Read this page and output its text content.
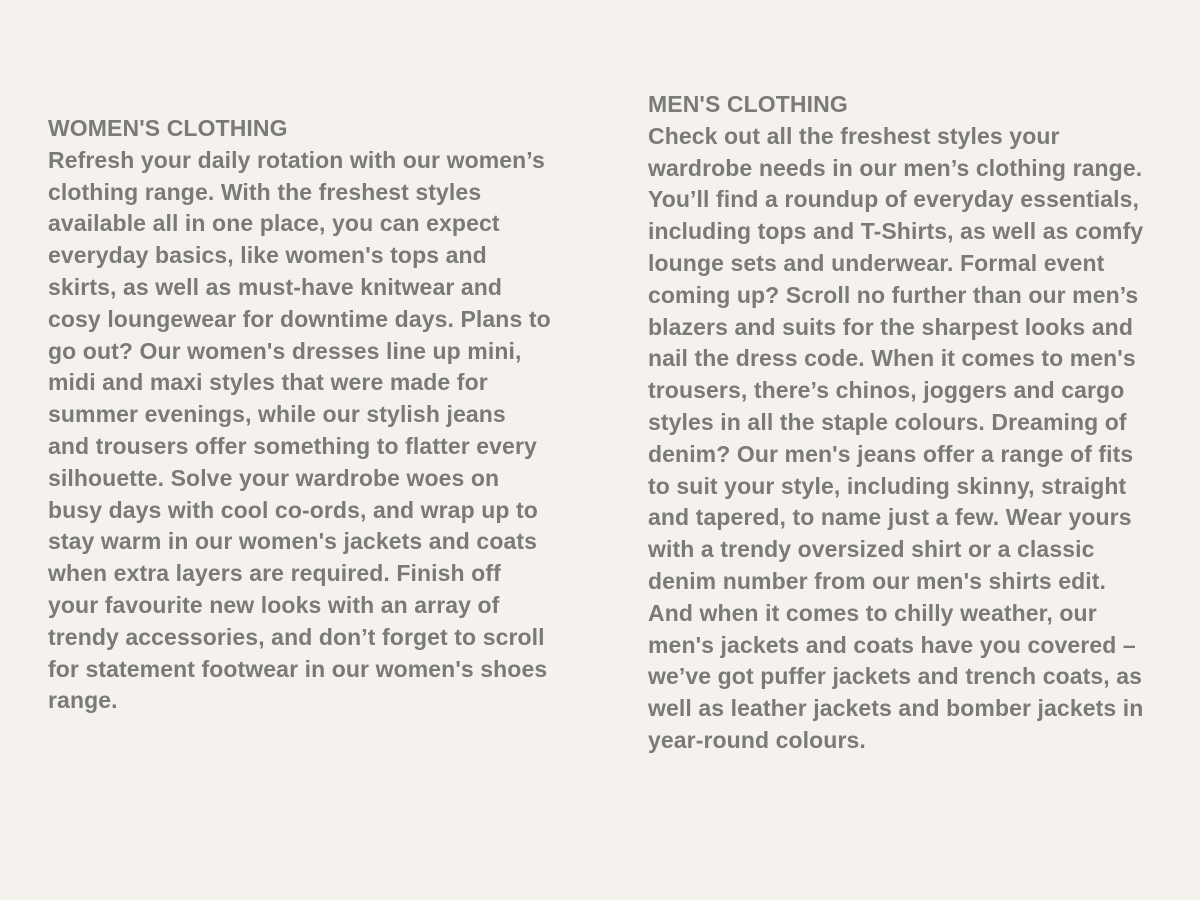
WOMEN'S CLOTHING

Refresh your daily rotation with our women’s clothing range. With the freshest styles available all in one place, you can expect everyday basics, like women's tops and skirts, as well as must-have knitwear and cosy loungewear for downtime days. Plans to go out? Our women's dresses line up mini, midi and maxi styles that were made for summer evenings, while our stylish jeans and trousers offer something to flatter every silhouette. Solve your wardrobe woes on busy days with cool co-ords, and wrap up to stay warm in our women's jackets and coats when extra layers are required. Finish off your favourite new looks with an array of trendy accessories, and don’t forget to scroll for statement footwear in our women's shoes range.

MEN'S CLOTHING

Check out all the freshest styles your wardrobe needs in our men’s clothing range. You’ll find a roundup of everyday essentials, including tops and T-Shirts, as well as comfy lounge sets and underwear. Formal event coming up? Scroll no further than our men’s blazers and suits for the sharpest looks and nail the dress code. When it comes to men's trousers, there’s chinos, joggers and cargo styles in all the staple colours. Dreaming of denim? Our men's jeans offer a range of fits to suit your style, including skinny, straight and tapered, to name just a few. Wear yours with a trendy oversized shirt or a classic denim number from our men's shirts edit. And when it comes to chilly weather, our men's jackets and coats have you covered – we’ve got puffer jackets and trench coats, as well as leather jackets and bomber jackets in year-round colours.
